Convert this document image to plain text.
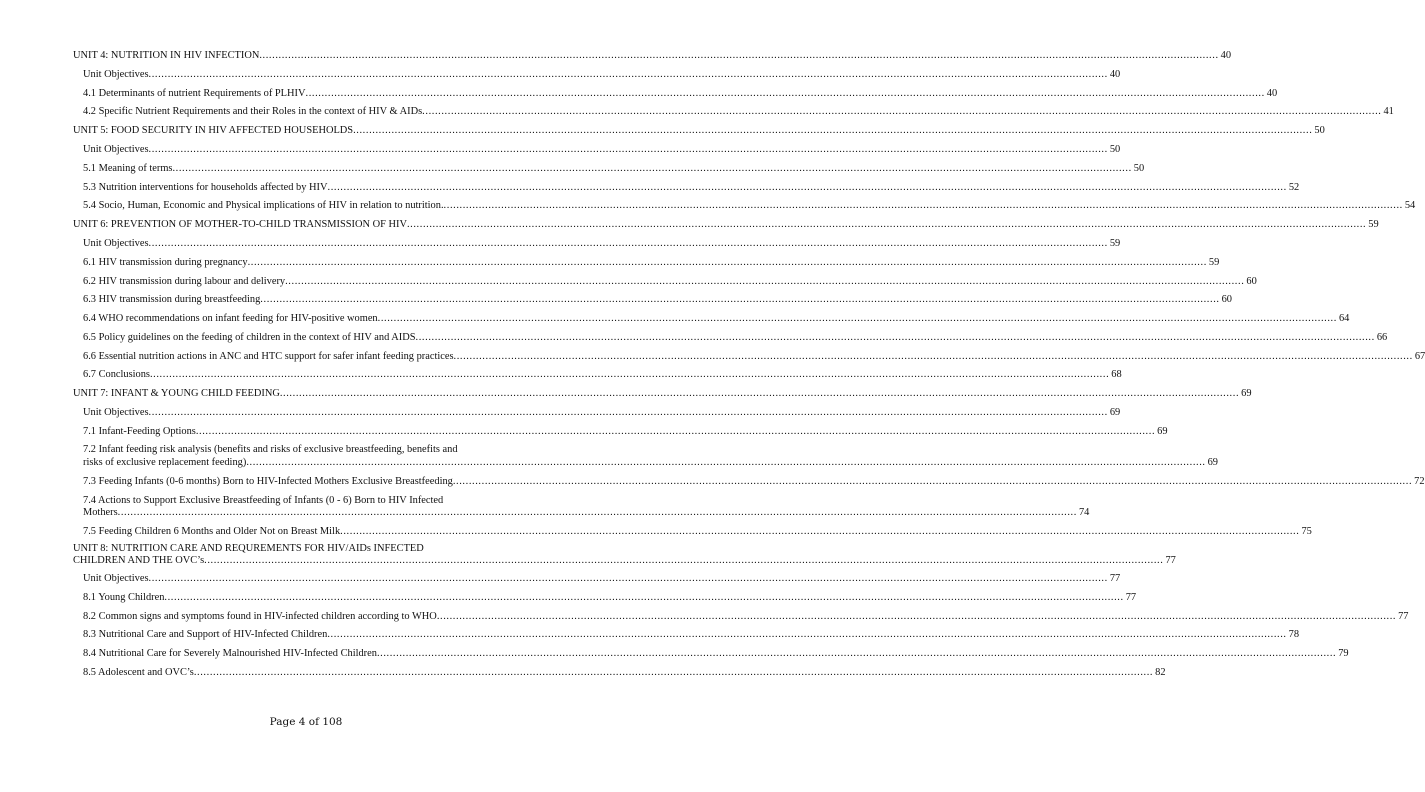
UNIT 4: NUTRITION IN HIV INFECTION ............................................................................................................................................................................................................................................................................................................ 40
Unit Objectives ............................................................................................................................................................................................................................................................................................................ 40
4.1 Determinants of nutrient Requirements of PLHIV ............................................................................................................................................................................................................................................................................................................ 40
4.2 Specific Nutrient Requirements and their Roles in the context of HIV & AIDs ............................................................................................................................................................................................................................................................................................................ 41
UNIT 5: FOOD SECURITY IN HIV AFFECTED HOUSEHOLDS ............................................................................................................................................................................................................................................................................................................ 50
Unit Objectives ............................................................................................................................................................................................................................................................................................................ 50
5.1 Meaning of terms ............................................................................................................................................................................................................................................................................................................ 50
5.3 Nutrition interventions for households affected by HIV ............................................................................................................................................................................................................................................................................................................ 52
5.4 Socio, Human, Economic and Physical implications of HIV in relation to nutrition. ............................................................................................................................................................................................................................................................................................................ 54
UNIT 6: PREVENTION OF MOTHER-TO-CHILD TRANSMISSION OF HIV ............................................................................................................................................................................................................................................................................................................ 59
Unit Objectives ............................................................................................................................................................................................................................................................................................................ 59
6.1 HIV transmission during pregnancy ............................................................................................................................................................................................................................................................................................................ 59
6.2 HIV transmission during labour and delivery ............................................................................................................................................................................................................................................................................................................ 60
6.3 HIV transmission during breastfeeding ............................................................................................................................................................................................................................................................................................................ 60
6.4 WHO recommendations on infant feeding for HIV-positive women ............................................................................................................................................................................................................................................................................................................ 64
6.5 Policy guidelines on the feeding of children in the context of HIV and AIDS ............................................................................................................................................................................................................................................................................................................ 66
6.6 Essential nutrition actions in ANC and HTC support for safer infant feeding practices ............................................................................................................................................................................................................................................................................................................ 67
6.7 Conclusions ............................................................................................................................................................................................................................................................................................................ 68
UNIT 7: INFANT & YOUNG CHILD FEEDING ............................................................................................................................................................................................................................................................................................................ 69
Unit Objectives ............................................................................................................................................................................................................................................................................................................ 69
7.1 Infant-Feeding Options ............................................................................................................................................................................................................................................................................................................ 69
7.2 Infant feeding risk analysis (benefits and risks of exclusive breastfeeding, benefits and
risks of exclusive replacement feeding) ............................................................................................................................................................................................................................................................................................................ 69
7.3 Feeding Infants (0-6 months) Born to HIV-Infected Mothers Exclusive Breastfeeding ............................................................................................................................................................................................................................................................................................................ 72
7.4 Actions to Support Exclusive Breastfeeding of Infants (0 - 6) Born to HIV Infected
Mothers ............................................................................................................................................................................................................................................................................................................ 74
7.5 Feeding Children 6 Months and Older Not on Breast Milk ............................................................................................................................................................................................................................................................................................................ 75
UNIT 8: NUTRITION CARE AND REQUREMENTS FOR HIV/AIDs INFECTED
CHILDREN AND THE OVC’s ............................................................................................................................................................................................................................................................................................................ 77
Unit Objectives ............................................................................................................................................................................................................................................................................................................ 77
8.1 Young Children ............................................................................................................................................................................................................................................................................................................ 77
8.2 Common signs and symptoms found in HIV-infected children according to WHO ............................................................................................................................................................................................................................................................................................................ 77
8.3 Nutritional Care and Support of HIV-Infected Children ............................................................................................................................................................................................................................................................................................................ 78
8.4 Nutritional Care for Severely Malnourished HIV-Infected Children ............................................................................................................................................................................................................................................................................................................ 79
8.5 Adolescent and OVC’s ............................................................................................................................................................................................................................................................................................................ 82
Page 4 of 108
